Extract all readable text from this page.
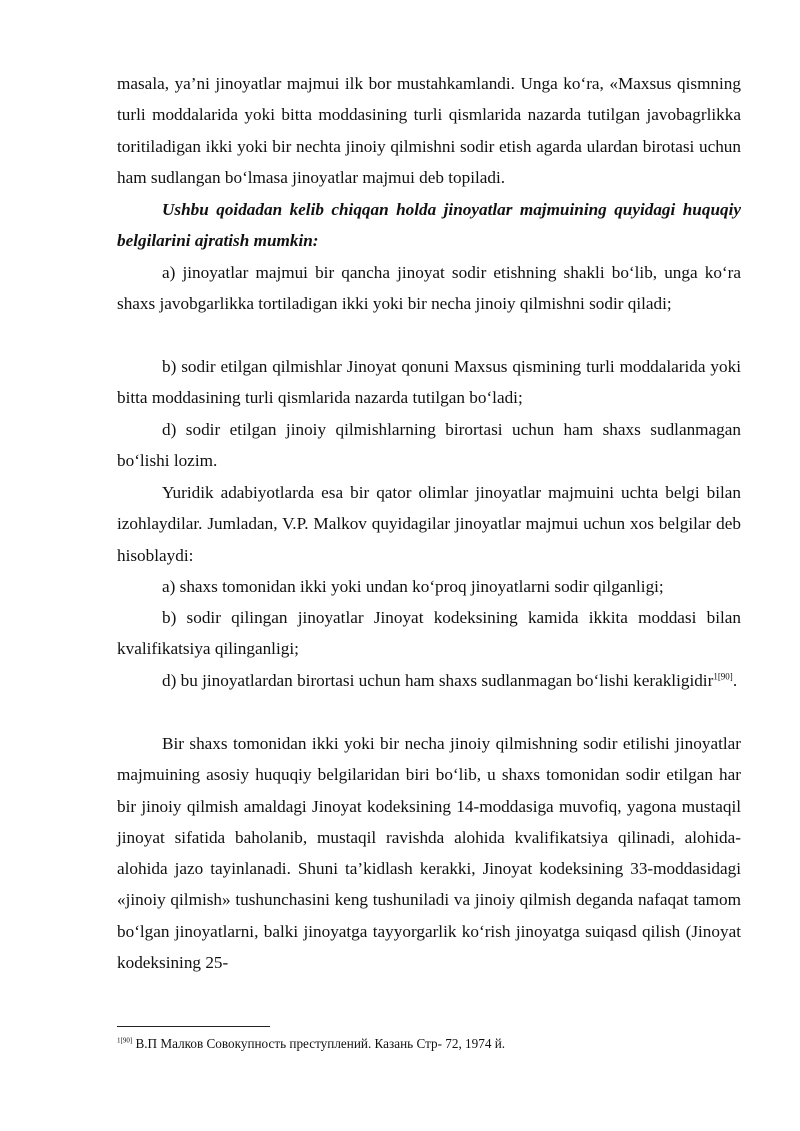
masala, ya’ni jinoyatlar majmui ilk bor mustahkamlandi. Unga ko‘ra, «Maxsus qismning turli moddalarida yoki bitta moddasining turli qismlarida nazarda tutilgan javobagrlikka toritiladigan ikki yoki bir nechta jinoiy qilmishni sodir etish agarda ulardan birotasi uchun ham sudlangan bo‘lmasa jinoyatlar majmui deb topiladi.

Ushbu qoidadan kelib chiqqan holda jinoyatlar majmuining quyidagi huquqiy belgilarini ajratish mumkin:

a) jinoyatlar majmui bir qancha jinoyat sodir etishning shakli bo‘lib, unga ko‘ra shaxs javobgarlikka tortiladigan ikki yoki bir necha jinoiy qilmishni sodir qiladi;

b) sodir etilgan qilmishlar Jinoyat qonuni Maxsus qismining turli moddalarida yoki bitta moddasining turli qismlarida nazarda tutilgan bo‘ladi;

d) sodir etilgan jinoiy qilmishlarning birortasi uchun ham shaxs sudlanmagan bo‘lishi lozim.

Yuridik adabiyotlarda esa bir qator olimlar jinoyatlar majmuini uchta belgi bilan izohlaydilar. Jumladan, V.P. Malkov quyidagilar jinoyatlar majmui uchun xos belgilar deb hisoblaydi:

a) shaxs tomonidan ikki yoki undan ko‘proq jinoyatlarni sodir qilganligi;

b) sodir qilingan jinoyatlar Jinoyat kodeksining kamida ikkita moddasi bilan kvalifikatsiya qilinganligi;

d) bu jinoyatlardan birortasi uchun ham shaxs sudlanmagan bo‘lishi kerakligidir$^{1[90]}$.

Bir shaxs tomonidan ikki yoki bir necha jinoiy qilmishning sodir etilishi jinoyatlar majmuining asosiy huquqiy belgilaridan biri bo‘lib, u shaxs tomonidan sodir etilgan har bir jinoiy qilmish amaldagi Jinoyat kodeksining 14-moddasiga muvofiq, yagona mustaqil jinoyat sifatida baholanib, mustaqil ravishda alohida kvalifikatsiya qilinadi, alohida-alohida jazo tayinlanadi. Shuni ta’kidlash kerakki, Jinoyat kodeksining 33-moddasidagi «jinoiy qilmish» tushunchasini keng tushuniladi va jinoiy qilmish deganda nafaqat tamom bo‘lgan jinoyatlarni, balki jinoyatga tayyorgarlik ko‘rish jinoyatga suiqasd qilish (Jinoyat kodeksining 25-

$^{1[90]}$ В.П Малков Совокупность преступлений. Казань Стр- 72, 1974 й.
